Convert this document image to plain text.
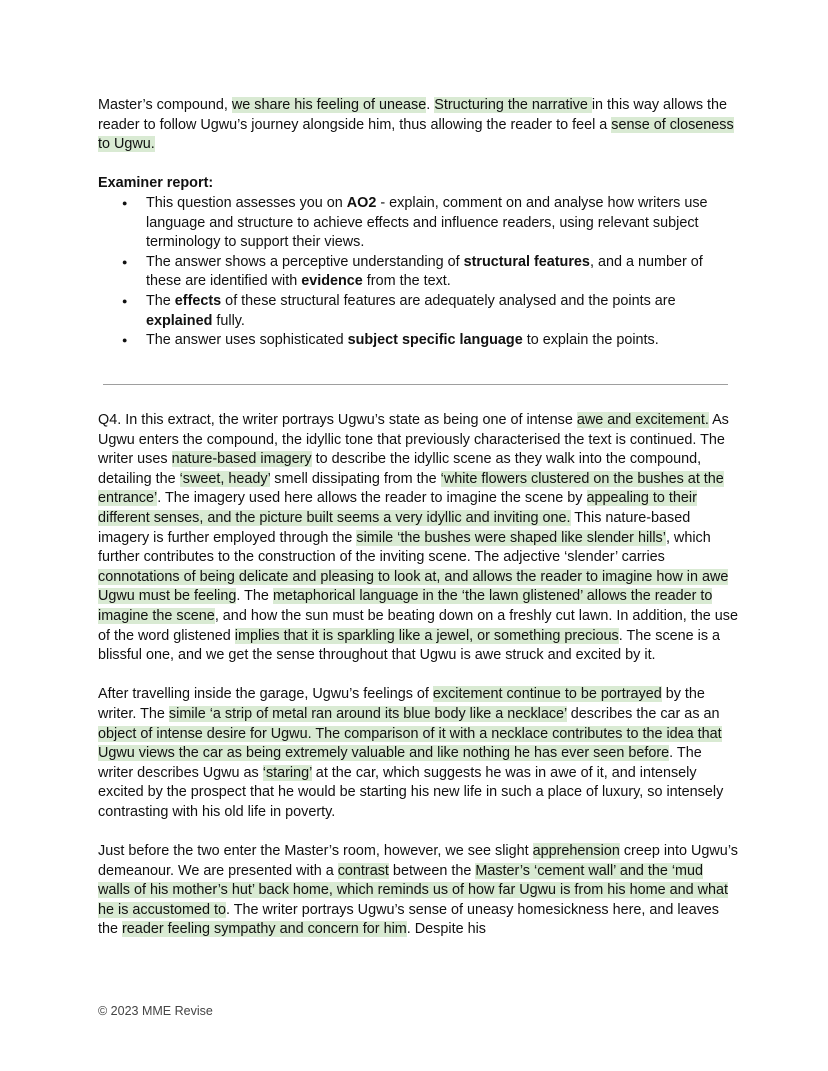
Master’s compound, we share his feeling of unease. Structuring the narrative in this way allows the reader to follow Ugwu’s journey alongside him, thus allowing the reader to feel a sense of closeness to Ugwu.

Examiner report:

● This question assesses you on AO2 - explain, comment on and analyse how writers use language and structure to achieve effects and influence readers, using relevant subject terminology to support their views.
● The answer shows a perceptive understanding of structural features, and a number of these are identified with evidence from the text.
● The effects of these structural features are adequately analysed and the points are explained fully.
● The answer uses sophisticated subject specific language to explain the points.

Q4. In this extract, the writer portrays Ugwu’s state as being one of intense awe and excitement. As Ugwu enters the compound, the idyllic tone that previously characterised the text is continued. The writer uses nature-based imagery to describe the idyllic scene as they walk into the compound, detailing the ‘sweet, heady’ smell dissipating from the ‘white flowers clustered on the bushes at the entrance’. The imagery used here allows the reader to imagine the scene by appealing to their different senses, and the picture built seems a very idyllic and inviting one. This nature-based imagery is further employed through the simile ‘the bushes were shaped like slender hills’, which further contributes to the construction of the inviting scene. The adjective ‘slender’ carries connotations of being delicate and pleasing to look at, and allows the reader to imagine how in awe Ugwu must be feeling. The metaphorical language in the ‘the lawn glistened’ allows the reader to imagine the scene, and how the sun must be beating down on a freshly cut lawn. In addition, the use of the word glistened implies that it is sparkling like a jewel, or something precious. The scene is a blissful one, and we get the sense throughout that Ugwu is awe struck and excited by it.

After travelling inside the garage, Ugwu’s feelings of excitement continue to be portrayed by the writer. The simile ‘a strip of metal ran around its blue body like a necklace’ describes the car as an object of intense desire for Ugwu. The comparison of it with a necklace contributes to the idea that Ugwu views the car as being extremely valuable and like nothing he has ever seen before. The writer describes Ugwu as ‘staring’ at the car, which suggests he was in awe of it, and intensely excited by the prospect that he would be starting his new life in such a place of luxury, so intensely contrasting with his old life in poverty.

Just before the two enter the Master’s room, however, we see slight apprehension creep into Ugwu’s demeanour. We are presented with a contrast between the Master’s ‘cement wall’ and the ‘mud walls of his mother’s hut’ back home, which reminds us of how far Ugwu is from his home and what he is accustomed to. The writer portrays Ugwu’s sense of uneasy homesickness here, and leaves the reader feeling sympathy and concern for him. Despite his

© 2023 MME Revise
